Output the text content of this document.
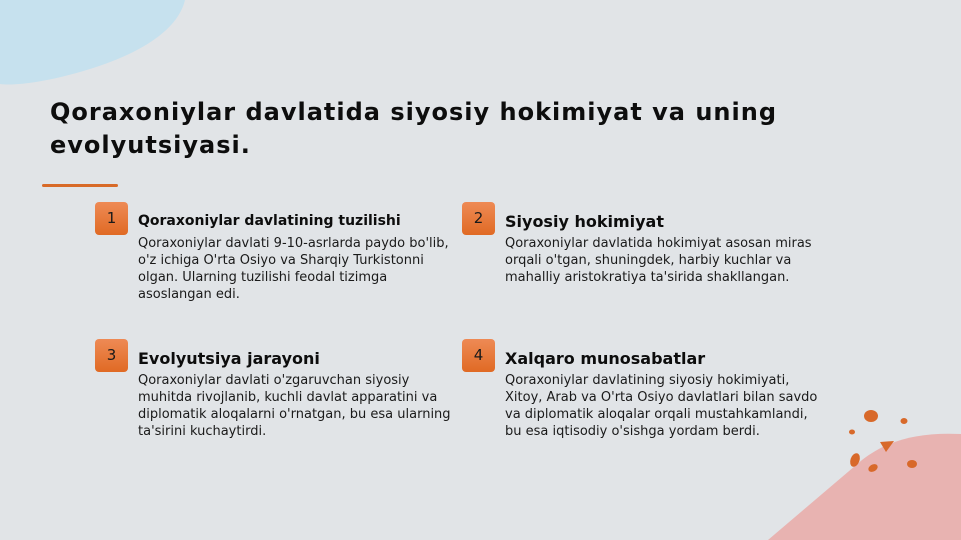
Qoraxoniylar davlatida siyosiy hokimiyat va uning evolyutsiyasi.
1	Qoraxoniylar davlatining tuzilishi

Qoraxoniylar davlati 9-10-asrlarda paydo bo'lib, o'z ichiga O'rta Osiyo va Sharqiy Turkistonni olgan. Ularning tuzilishi feodal tizimga asoslangan edi.

2	Siyosiy hokimiyat

Qoraxoniylar davlatida hokimiyat asosan miras orqali o'tgan, shuningdek, harbiy kuchlar va mahalliy aristokratiya ta'sirida shakllangan.

3	Evolyutsiya jarayoni

Qoraxoniylar davlati o'zgaruvchan siyosiy muhitda rivojlanib, kuchli davlat apparatini va diplomatik aloqalarni o'rnatgan, bu esa ularning ta'sirini kuchaytirdi.

4	Xalqaro munosabatlar

Qoraxoniylar davlatining siyosiy hokimiyati, Xitoy, Arab va O'rta Osiyo davlatlari bilan savdo va diplomatik aloqalar orqali mustahkamlandi, bu esa iqtisodiy o'sishga yordam berdi.
